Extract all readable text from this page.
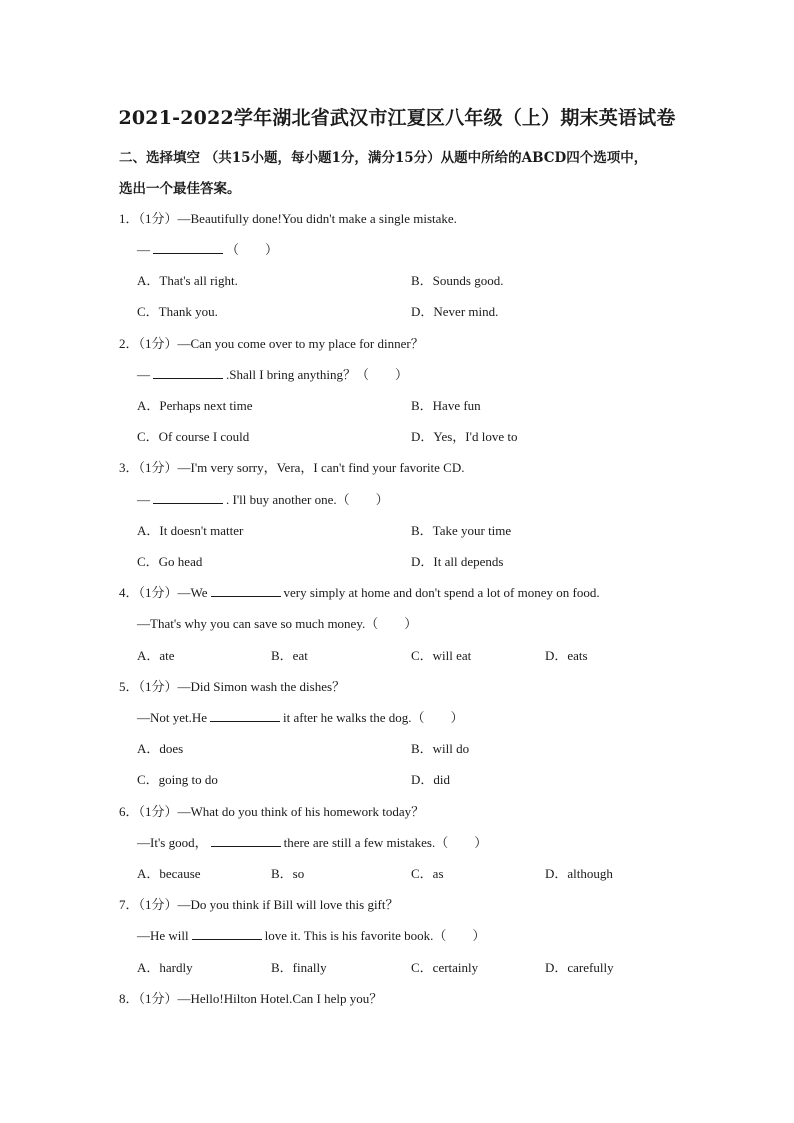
2021-2022学年湖北省武汉市江夏区八年级（上）期末英语试卷
二、选择填空 （共15小题，每小题1分，满分15分）从题中所给的ABCD四个选项中，
选出一个最佳答案。
1．（1分）—Beautifully done!You didn't make a single mistake.
—	（　　）
A．That's all right.	B．Sounds good.
C．Thank you.	D．Never mind.
2．（1分）—Can you come over to my place for dinner？
—	.Shall I bring anything？（　　）
A．Perhaps next time	B．Have fun
C．Of course I could	D．Yes，I'd love to
3．（1分）—I'm very sorry，Vera，I can't find your favorite CD.
—	. I'll buy another one.（　　）
A．It doesn't matter	B．Take your time
C．Go head	D．It all depends
4．（1分）—We	very simply at home and don't spend a lot of money on food.
—That's why you can save so much money.（　　）
A．ate	B．eat	C．will eat	D．eats
5．（1分）—Did Simon wash the dishes？
—Not yet.He	it after he walks the dog.（　　）
A．does	B．will do
C．going to do	D．did
6．（1分）—What do you think of his homework today？
—It's good，	there are still a few mistakes.（　　）
A．because	B．so	C．as	D．although
7．（1分）—Do you think if Bill will love this gift？
—He will	love it. This is his favorite book.（　　）
A．hardly	B．finally	C．certainly	D．carefully
8．（1分）—Hello!Hilton Hotel.Can I help you？
